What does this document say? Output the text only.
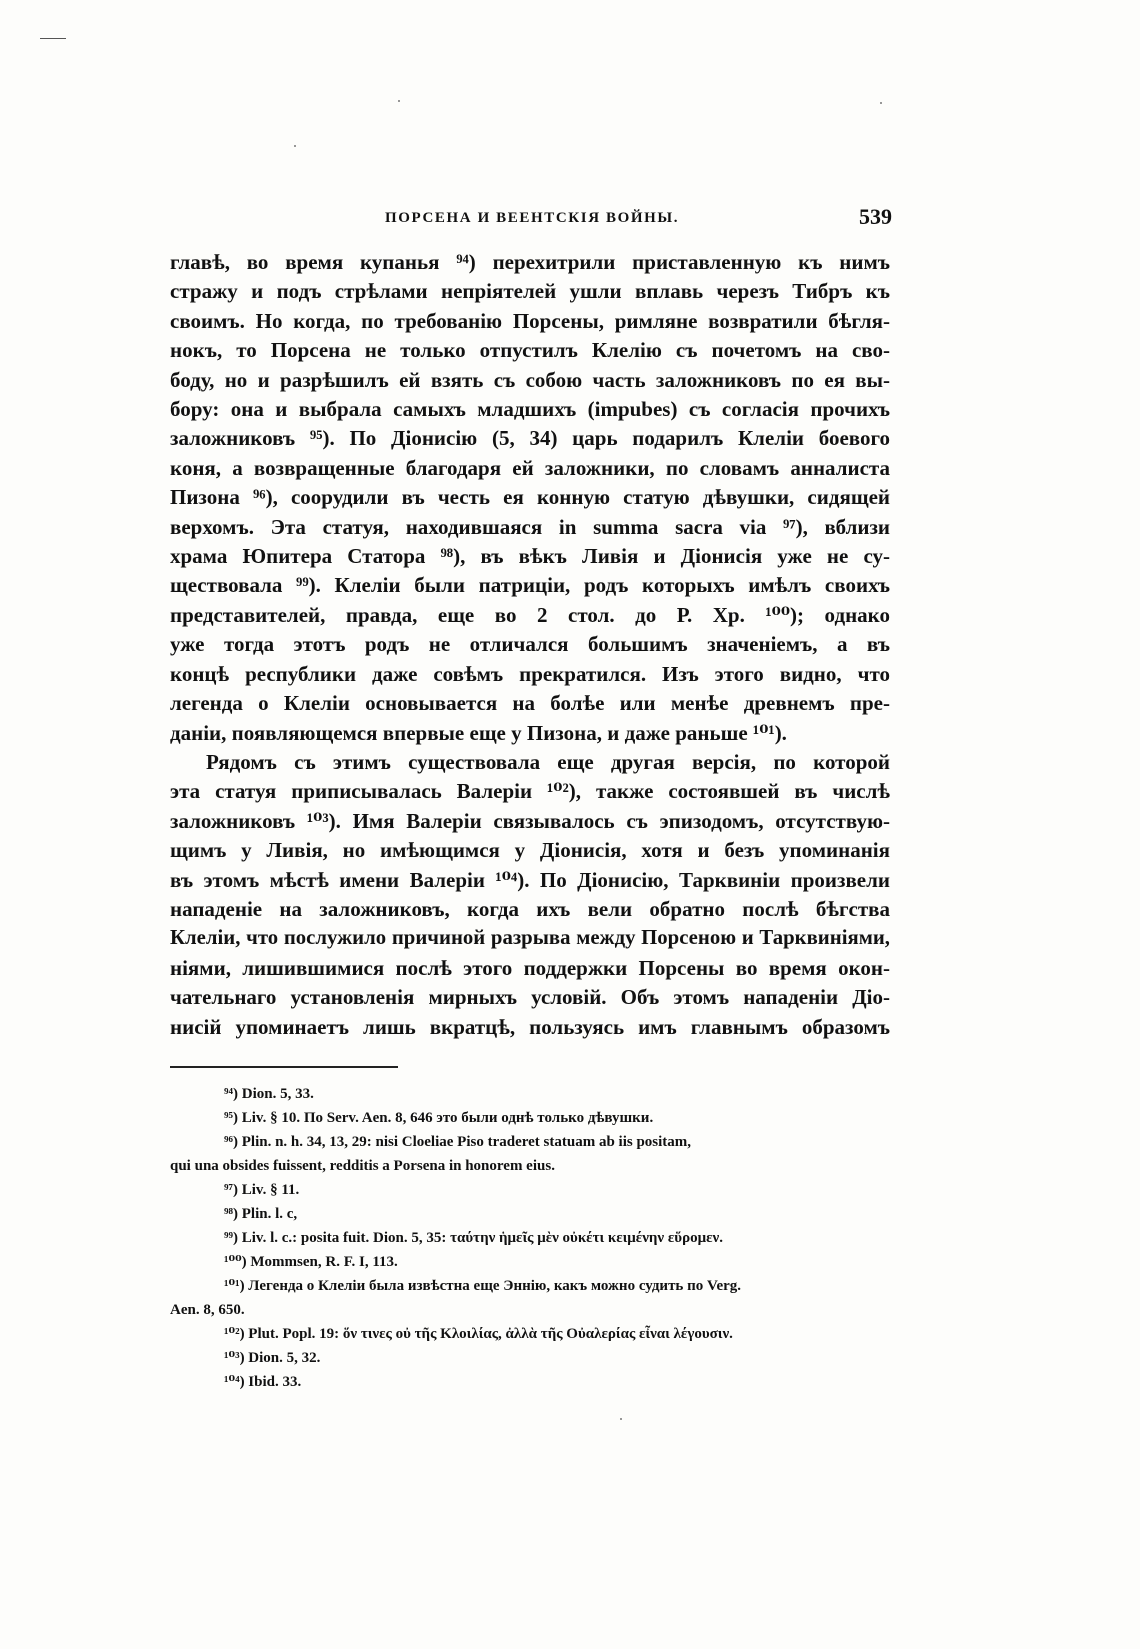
ПОРСЕНА И ВЕЕНТСКІЯ ВОЙНЫ.	539

главѣ, во время купанья ⁹⁴) перехитрили приставленную къ нимъ
стражу и подъ стрѣлами непріятелей ушли вплавь черезъ Тибръ къ
своимъ. Но когда, по требованію Порсены, римляне возвратили бѣгля-
нокъ, то Порсена не только отпустилъ Клелію съ почетомъ на сво-
боду, но и разрѣшилъ ей взять съ собою часть заложниковъ по ея вы-
бору: она и выбрала самыхъ младшихъ (impubes) съ согласія прочихъ
заложниковъ ⁹⁵). По Діонисію (5, 34) царь подарилъ Клеліи боевого
коня, а возвращенные благодаря ей заложники, по словамъ анналиста
Пизона ⁹⁶), соорудили въ честь ея конную статую дѣвушки, сидящей
верхомъ. Эта статуя, находившаяся in summa sacra via ⁹⁷), вблизи
храма Юпитера Статора ⁹⁸), въ вѣкъ Ливія и Діонисія уже не су-
ществовала ⁹⁹). Клеліи были патриціи, родъ которыхъ имѣлъ своихъ
представителей, правда, еще во 2 стол. до Р. Хр. ¹⁰⁰); однако
уже тогда этотъ родъ не отличался большимъ значеніемъ, а въ
концѣ республики даже совѣмъ прекратился. Изъ этого видно, что
легенда о Клеліи основывается на болѣе или менѣе древнемъ пре-
даніи, появляющемся впервые еще у Пизона, и даже раньше ¹⁰¹).

Рядомъ съ этимъ существовала еще другая версія, по которой
эта статуя приписывалась Валеріи ¹⁰²), также состоявшей въ числѣ
заложниковъ ¹⁰³). Имя Валеріи связывалось съ эпизодомъ, отсутствую-
щимъ у Ливія, но имѣющимся у Діонисія, хотя и безъ упоминанія
въ этомъ мѣстѣ имени Валеріи ¹⁰⁴). По Діонисію, Тарквиніи произвели
нападеніе на заложниковъ, когда ихъ вели обратно послѣ бѣгства
Клеліи, что послужило причиной разрыва между Порсеною и Тарквиніями,
ніями, лишившимися послѣ этого поддержки Порсены во время окон-
чательнаго установленія мирныхъ условій. Объ этомъ нападеніи Діо-
нисій упоминаетъ лишь вкратцѣ, пользуясь имъ главнымъ образомъ

⁹⁴) Dion. 5, 33.
⁹⁵) Liv. § 10. По Serv. Aen. 8, 646 это были однѣ только дѣвушки.
⁹⁶) Plin. n. h. 34, 13, 29: nisi Cloeliae Piso traderet statuam ab iis positam,
qui una obsides fuissent, redditis a Porsena in honorem eius.
⁹⁷) Liv. § 11.
⁹⁸) Plin. l. c,
⁹⁹) Liv. l. c.: posita fuit. Dion. 5, 35: ταύτην ἡμεῖς μὲν οὐκέτι κειμένην εὕρομεν.
¹⁰⁰) Mommsen, R. F. I, 113.
¹⁰¹) Легенда о Клеліи была извѣстна еще Эннію, какъ можно судить по Verg.
Aen. 8, 650.
¹⁰²) Plut. Popl. 19: ὅν τινες οὐ τῆς Κλοιλίας, ἀλλὰ τῆς Οὐαλερίας εἶναι λέγουσιν.
¹⁰³) Dion. 5, 32.
¹⁰⁴) Ibid. 33.
